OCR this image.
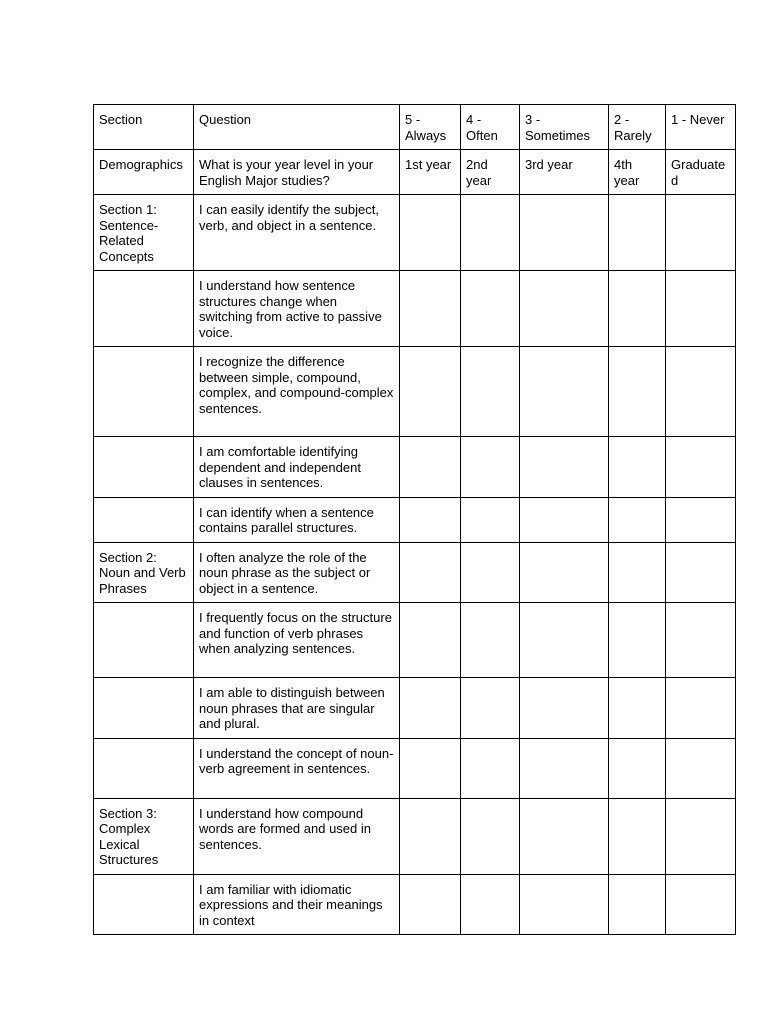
Section	Question	5 - Always	4 - Often	3 - Sometimes	2 - Rarely	1 - Never
Demographics	What is your year level in your English Major studies?	1st year	2nd year	3rd year	4th year	Graduated
Section 1: Sentence-Related Concepts	I can easily identify the subject, verb, and object in a sentence.					
	I understand how sentence structures change when switching from active to passive voice.					
	I recognize the difference between simple, compound, complex, and compound-complex sentences.					
	I am comfortable identifying dependent and independent clauses in sentences.					
	I can identify when a sentence contains parallel structures.					
Section 2: Noun and Verb Phrases	I often analyze the role of the noun phrase as the subject or object in a sentence.					
	I frequently focus on the structure and function of verb phrases when analyzing sentences.					
	I am able to distinguish between noun phrases that are singular and plural.					
	I understand the concept of noun-verb agreement in sentences.					
Section 3: Complex Lexical Structures	I understand how compound words are formed and used in sentences.					
	I am familiar with idiomatic expressions and their meanings in context					
